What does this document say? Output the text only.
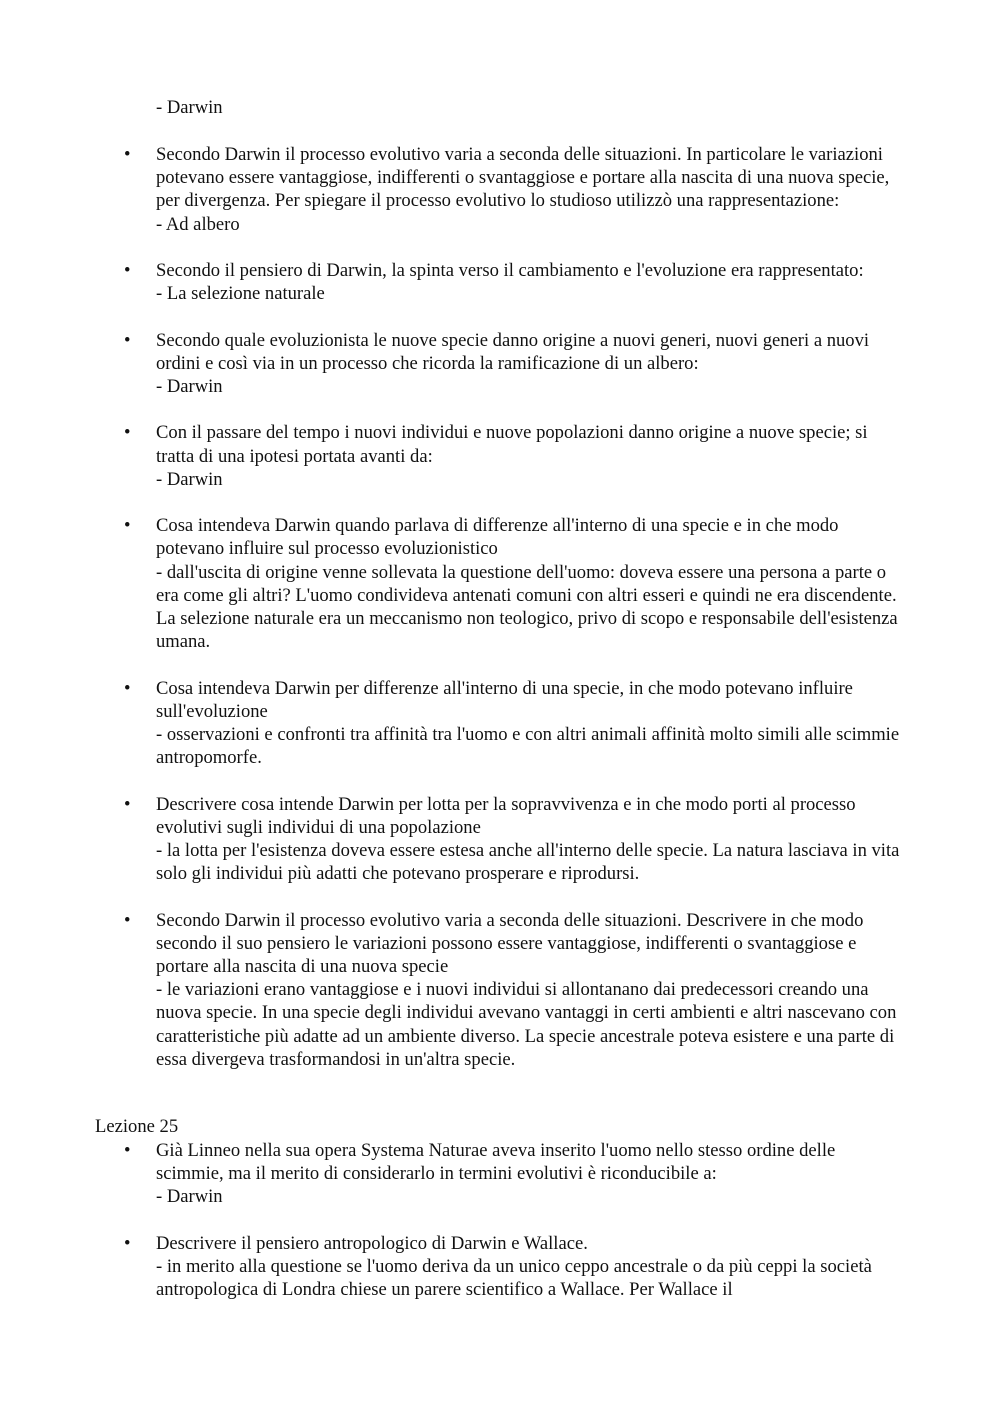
- Darwin

• Secondo Darwin il processo evolutivo varia a seconda delle situazioni. In particolare le variazioni potevano essere vantaggiose, indifferenti o svantaggiose e portare alla nascita di una nuova specie, per divergenza. Per spiegare il processo evolutivo lo studioso utilizzò una rappresentazione:
- Ad albero
• Secondo il pensiero di Darwin, la spinta verso il cambiamento e l'evoluzione era rappresentato:
- La selezione naturale
• Secondo quale evoluzionista le nuove specie danno origine a nuovi generi, nuovi generi a nuovi ordini e così via in un processo che ricorda la ramificazione di un albero:
- Darwin
• Con il passare del tempo i nuovi individui e nuove popolazioni danno origine a nuove specie; si tratta di una ipotesi portata avanti da:
- Darwin
• Cosa intendeva Darwin quando parlava di differenze all'interno di una specie e in che modo potevano influire sul processo evoluzionistico
- dall'uscita di origine venne sollevata la questione dell'uomo: doveva essere una persona a parte o era come gli altri? L'uomo condivideva antenati comuni con altri esseri e quindi ne era discendente. La selezione naturale era un meccanismo non teologico, privo di scopo e responsabile dell'esistenza umana.
• Cosa intendeva Darwin per differenze all'interno di una specie, in che modo potevano influire sull'evoluzione
- osservazioni e confronti tra affinità tra l'uomo e con altri animali affinità molto simili alle scimmie antropomorfe.
• Descrivere cosa intende Darwin per lotta per la sopravvivenza e in che modo porti al processo evolutivi sugli individui di una popolazione
- la lotta per l'esistenza doveva essere estesa anche all'interno delle specie. La natura lasciava in vita solo gli individui più adatti che potevano prosperare e riprodursi.
• Secondo Darwin il processo evolutivo varia a seconda delle situazioni. Descrivere in che modo secondo il suo pensiero le variazioni possono essere vantaggiose, indifferenti o svantaggiose e portare alla nascita di una nuova specie
- le variazioni erano vantaggiose e i nuovi individui si allontanano dai predecessori creando una nuova specie. In una specie degli individui avevano vantaggi in certi ambienti e altri nascevano con caratteristiche più adatte ad un ambiente diverso. La specie ancestrale poteva esistere e una parte di essa divergeva trasformandosi in un'altra specie.
Lezione 25
• Già Linneo nella sua opera Systema Naturae aveva inserito l'uomo nello stesso ordine delle scimmie, ma il merito di considerarlo in termini evolutivi è riconducibile a:
- Darwin
• Descrivere il pensiero antropologico di Darwin e Wallace.
- in merito alla questione se l'uomo deriva da un unico ceppo ancestrale o da più ceppi la società antropologica di Londra chiese un parere scientifico a Wallace. Per Wallace il
